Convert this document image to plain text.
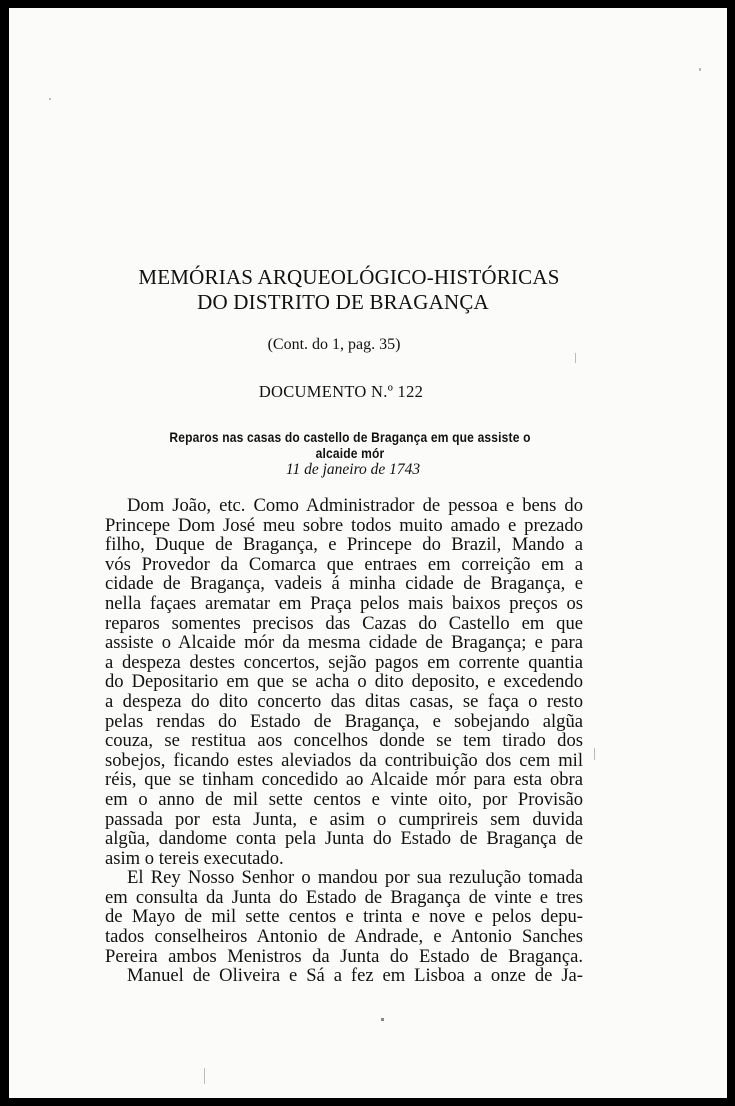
MEMÓRIAS ARQUEOLÓGICO-HISTÓRICAS
DO DISTRITO DE BRAGANÇA
(Cont. do 1, pag. 35)
DOCUMENTO N.º 122
Reparos nas casas do castello de Bragança em que assiste o alcaide mór
11 de janeiro de 1743
Dom João, etc. Como Administrador de pessoa e bens do
Princepe Dom José meu sobre todos muito amado e prezado
filho, Duque de Bragança, e Princepe do Brazil, Mando a
vós Provedor da Comarca que entraes em correição em a
cidade de Bragança, vadeis á minha cidade de Bragança, e
nella façaes arematar em Praça pelos mais baixos preços os
reparos somentes precisos das Cazas do Castello em que
assiste o Alcaide mór da mesma cidade de Bragança; e para
a despeza destes concertos, sejão pagos em corrente quantia
do Depositario em que se acha o dito deposito, e excedendo
a despeza do dito concerto das ditas casas, se faça o resto
pelas rendas do Estado de Bragança, e sobejando algũa
couza, se restitua aos concelhos donde se tem tirado dos
sobejos, ficando estes aleviados da contribuição dos cem mil
réis, que se tinham concedido ao Alcaide mór para esta obra
em o anno de mil sette centos e vinte oito, por Provisão
passada por esta Junta, e asim o cumprireis sem duvida
algũa, dandome conta pela Junta do Estado de Bragança de
asim o tereis executado.
El Rey Nosso Senhor o mandou por sua rezulução tomada
em consulta da Junta do Estado de Bragança de vinte e tres
de Mayo de mil sette centos e trinta e nove e pelos depu-
tados conselheiros Antonio de Andrade, e Antonio Sanches
Pereira ambos Menistros da Junta do Estado de Bragança.
Manuel de Oliveira e Sá a fez em Lisboa a onze de Ja-
